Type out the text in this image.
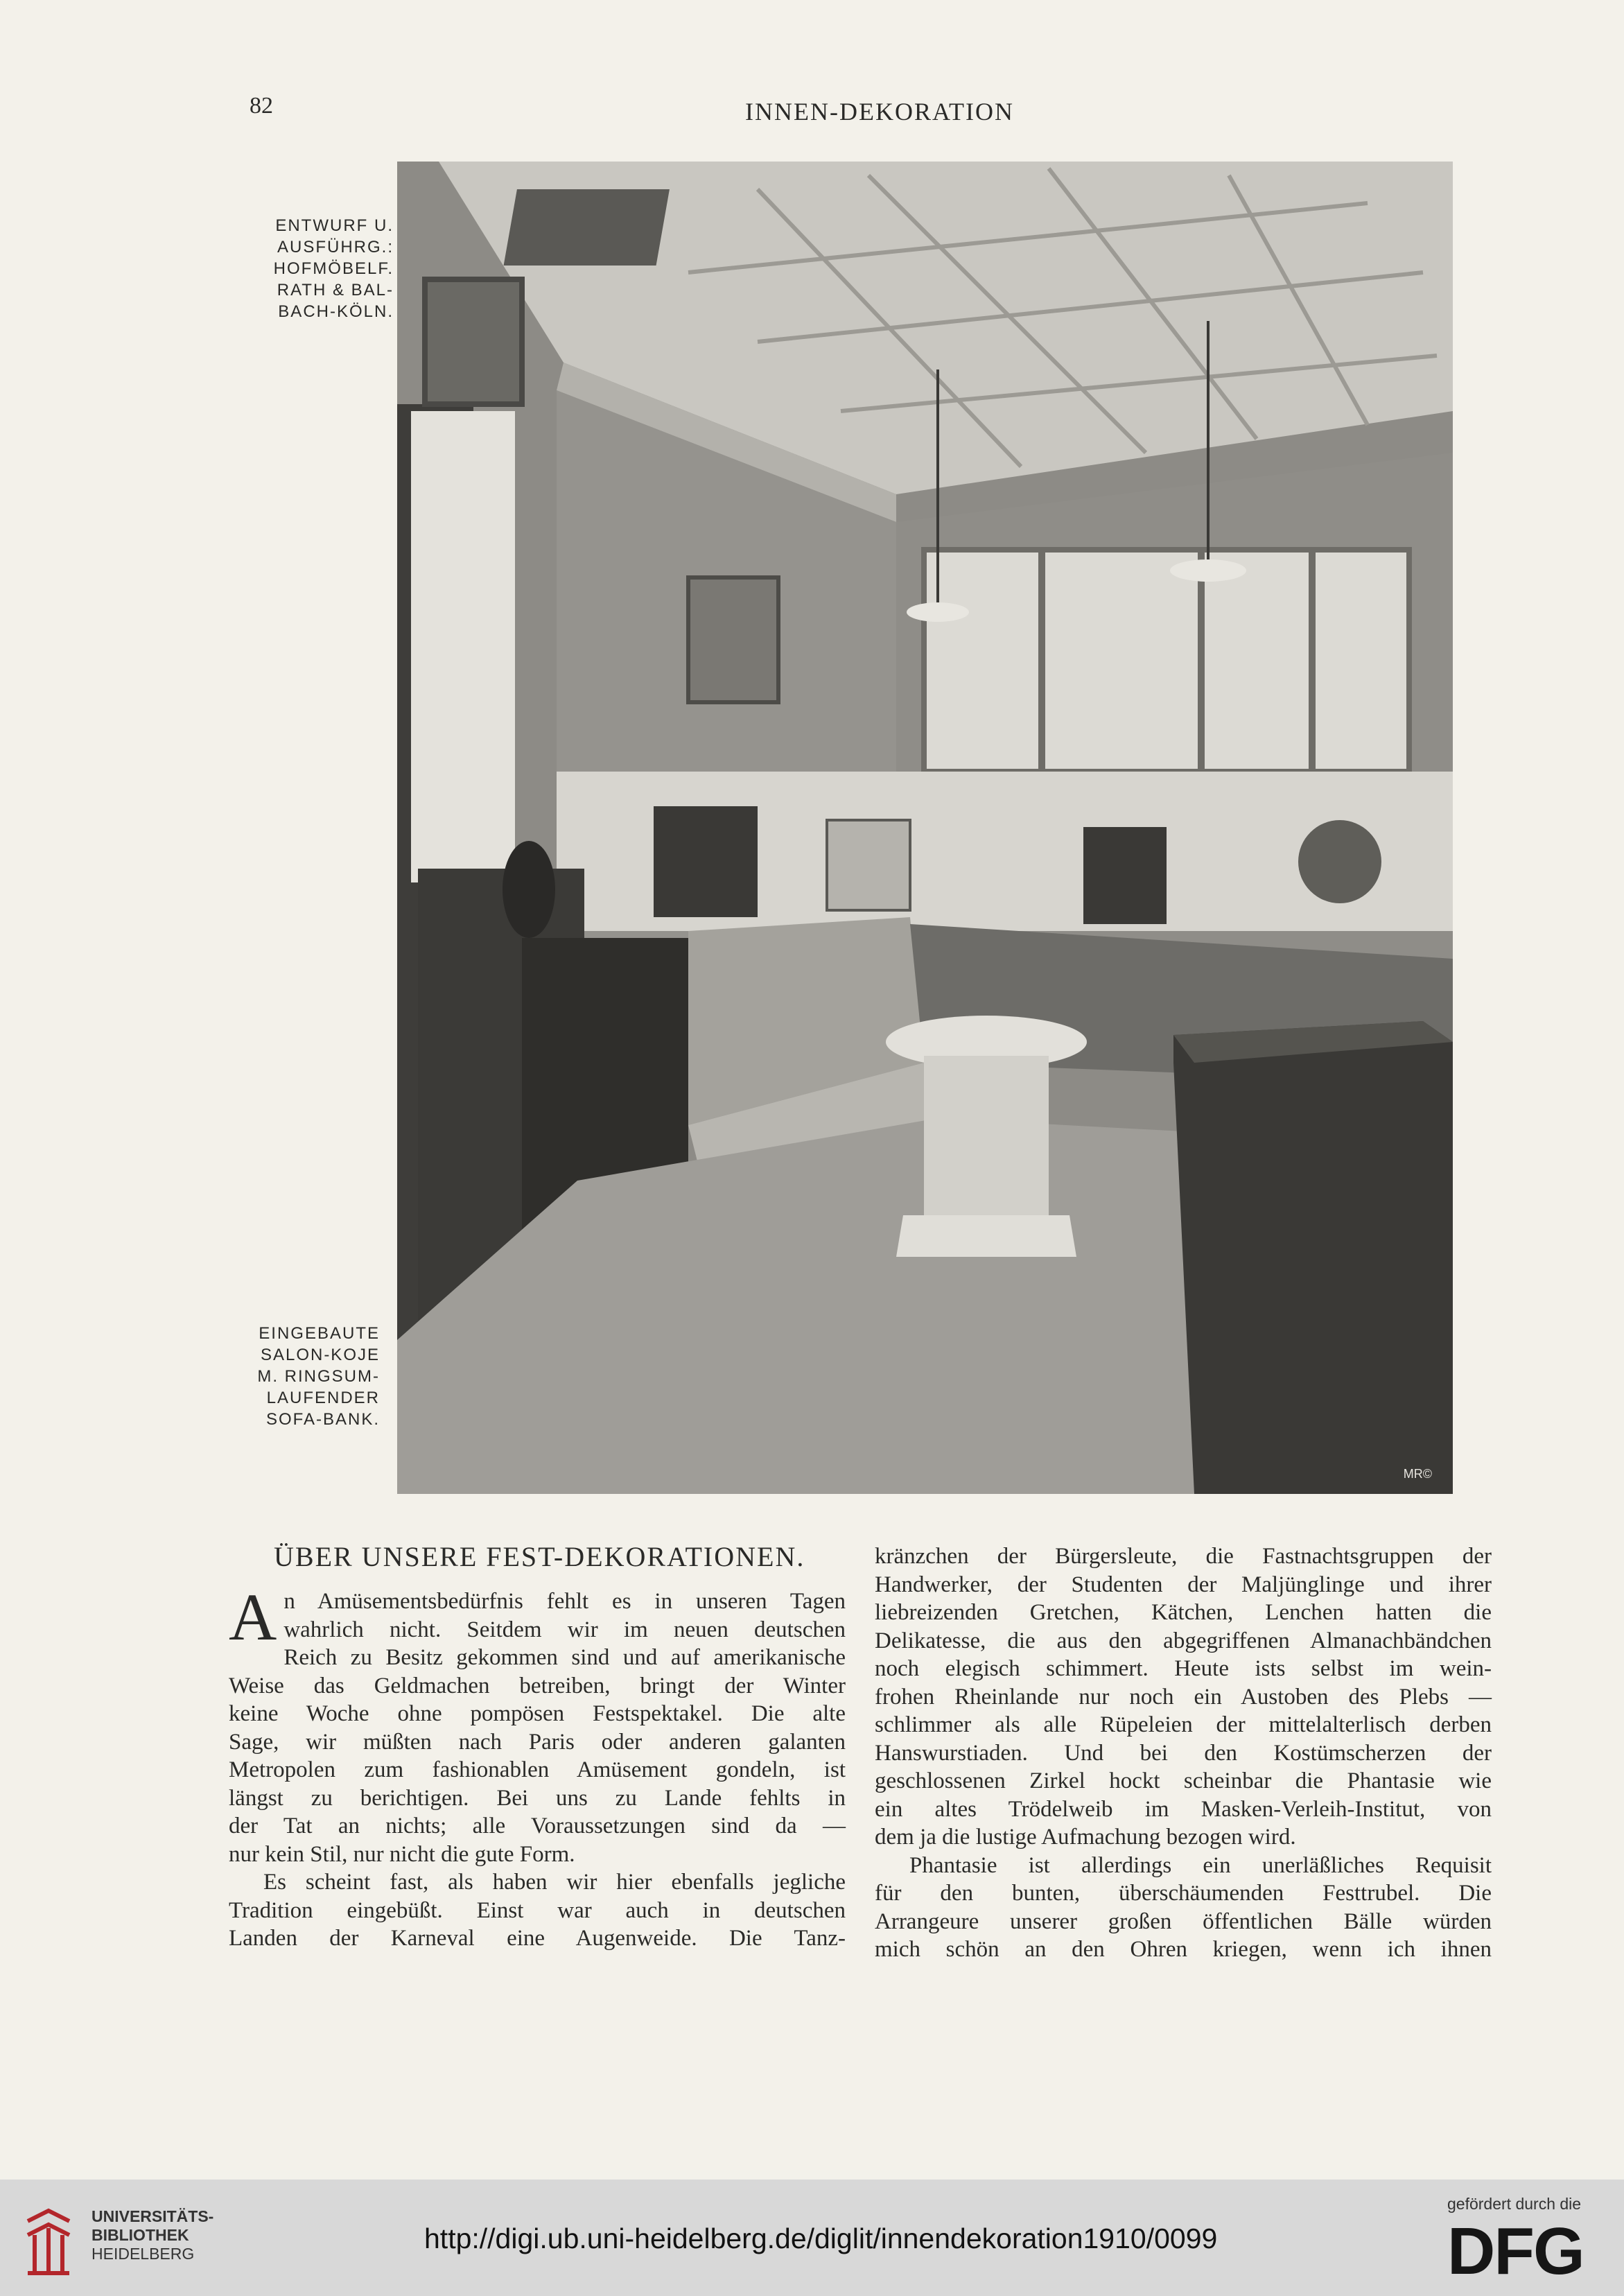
82	INNEN-DEKORATION
ENTWURF U.
AUSFÜHRG.:
HOFMÖBELF.
RATH & BAL-
BACH-KÖLN.
MR©
EINGEBAUTE
SALON-KOJE
M. RINGSUM-
LAUFENDER
SOFA-BANK.
ÜBER UNSERE FEST-DEKORATIONEN.
A n Amüsementsbedürfnis fehlt es in unseren Tagen
wahrlich nicht. Seitdem wir im neuen deutschen
Reich zu Besitz gekommen sind und auf amerikanische
Weise das Geldmachen betreiben, bringt der Winter
keine Woche ohne pompösen Festspektakel. Die alte
Sage, wir müßten nach Paris oder anderen galanten
Metropolen zum fashionablen Amüsement gondeln, ist
längst zu berichtigen. Bei uns zu Lande fehlts in
der Tat an nichts; alle Voraussetzungen sind da —
nur kein Stil, nur nicht die gute Form.
Es scheint fast, als haben wir hier ebenfalls jegliche
Tradition eingebüßt. Einst war auch in deutschen
Landen der Karneval eine Augenweide. Die Tanz-
kränzchen der Bürgersleute, die Fastnachtsgruppen der
Handwerker, der Studenten der Maljünglinge und ihrer
liebreizenden Gretchen, Kätchen, Lenchen hatten die
Delikatesse, die aus den abgegriffenen Almanachbändchen
noch elegisch schimmert. Heute ists selbst im wein-
frohen Rheinlande nur noch ein Austoben des Plebs —
schlimmer als alle Rüpeleien der mittelalterlisch derben
Hanswurstiaden. Und bei den Kostümscherzen der
geschlossenen Zirkel hockt scheinbar die Phantasie wie
ein altes Trödelweib im Masken-Verleih-Institut, von
dem ja die lustige Aufmachung bezogen wird.
Phantasie ist allerdings ein unerläßliches Requisit
für den bunten, überschäumenden Festtrubel. Die
Arrangeure unserer großen öffentlichen Bälle würden
mich schön an den Ohren kriegen, wenn ich ihnen
UNIVERSITÄTS-
BIBLIOTHEK
HEIDELBERG	http://digi.ub.uni-heidelberg.de/diglit/innendekoration1910/0099
gefördert durch die
DFG
